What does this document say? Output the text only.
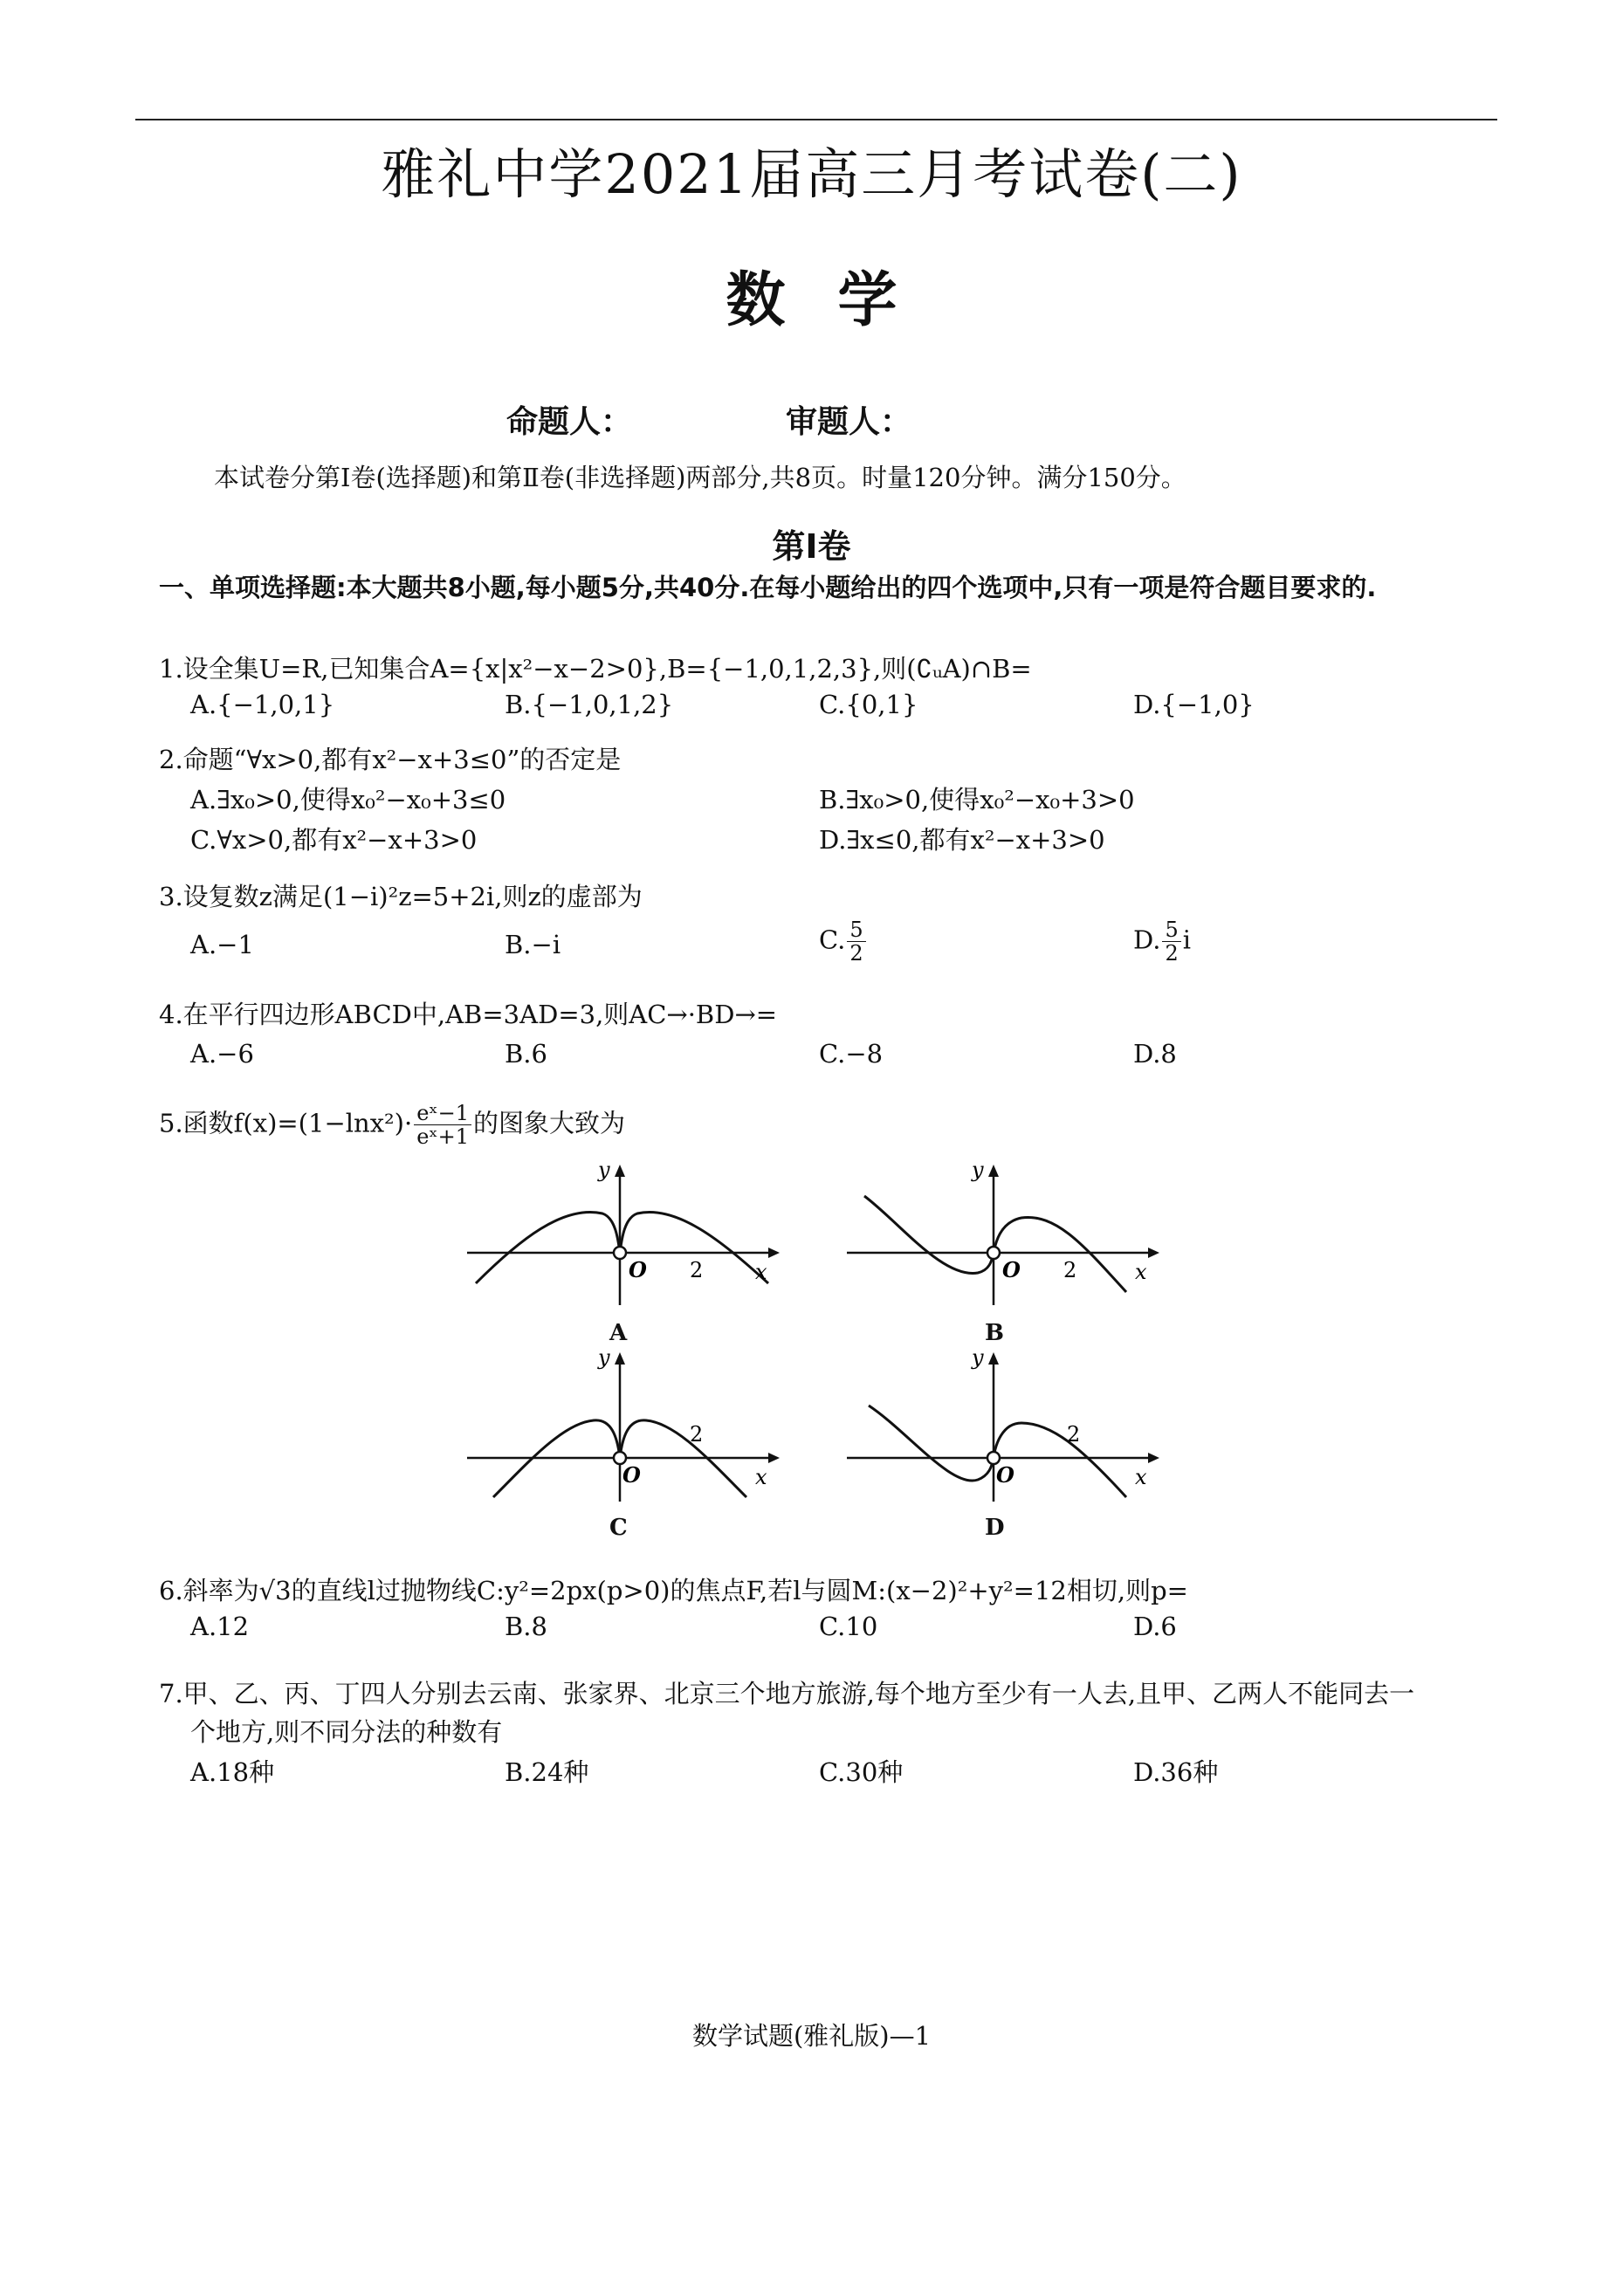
雅礼中学2021届高三月考试卷(二)
数学
命题人：	审题人：
本试卷分第Ⅰ卷(选择题)和第Ⅱ卷(非选择题)两部分,共8页。时量120分钟。满分150分。
第Ⅰ卷
一、单项选择题:本大题共8小题,每小题5分,共40分.在每小题给出的四个选项中,只有一项是符合题目要求的.
1.设全集U=R,已知集合A={x|x²−x−2>0},B={−1,0,1,2,3},则(∁ᵤA)∩B=
A.{−1,0,1}	B.{−1,0,1,2}	C.{0,1}	D.{−1,0}
2.命题“∀x>0,都有x²−x+3≤0”的否定是
A.∃x₀>0,使得x₀²−x₀+3≤0	B.∃x₀>0,使得x₀²−x₀+3>0
C.∀x>0,都有x²−x+3>0	D.∃x≤0,都有x²−x+3>0
3.设复数z满足(1−i)²z=5+2i,则z的虚部为
A.−1	B.−i	C. $\frac{5}{2}$	D. $\frac{5}{2}$ i
4.在平行四边形ABCD中,AB=3AD=3,则AC→·BD→=
A.−6	B.6	C.−8	D.8
5.函数$f(x)=(1-\ln x^2)\cdot \frac{\text{eˣ−1}}{\text{eˣ+1}}$ 的图象大致为
O 2 x
y
A
O 2	x
y
B
O
2
x
y
C
O
2
x
y
D
6.斜率为√3的直线l过抛物线C:y²=2px(p>0)的焦点F,若l与圆M:(x−2)²+y²=12相切,则p=
A.12	B.8	C.10	D.6
7.甲、乙、丙、丁四人分别去云南、张家界、北京三个地方旅游,每个地方至少有一人去,且甲、乙两人不能同去一
个地方,则不同分法的种数有
A.18种	B.24种	C.30种	D.36种
数学试题(雅礼版)—1
